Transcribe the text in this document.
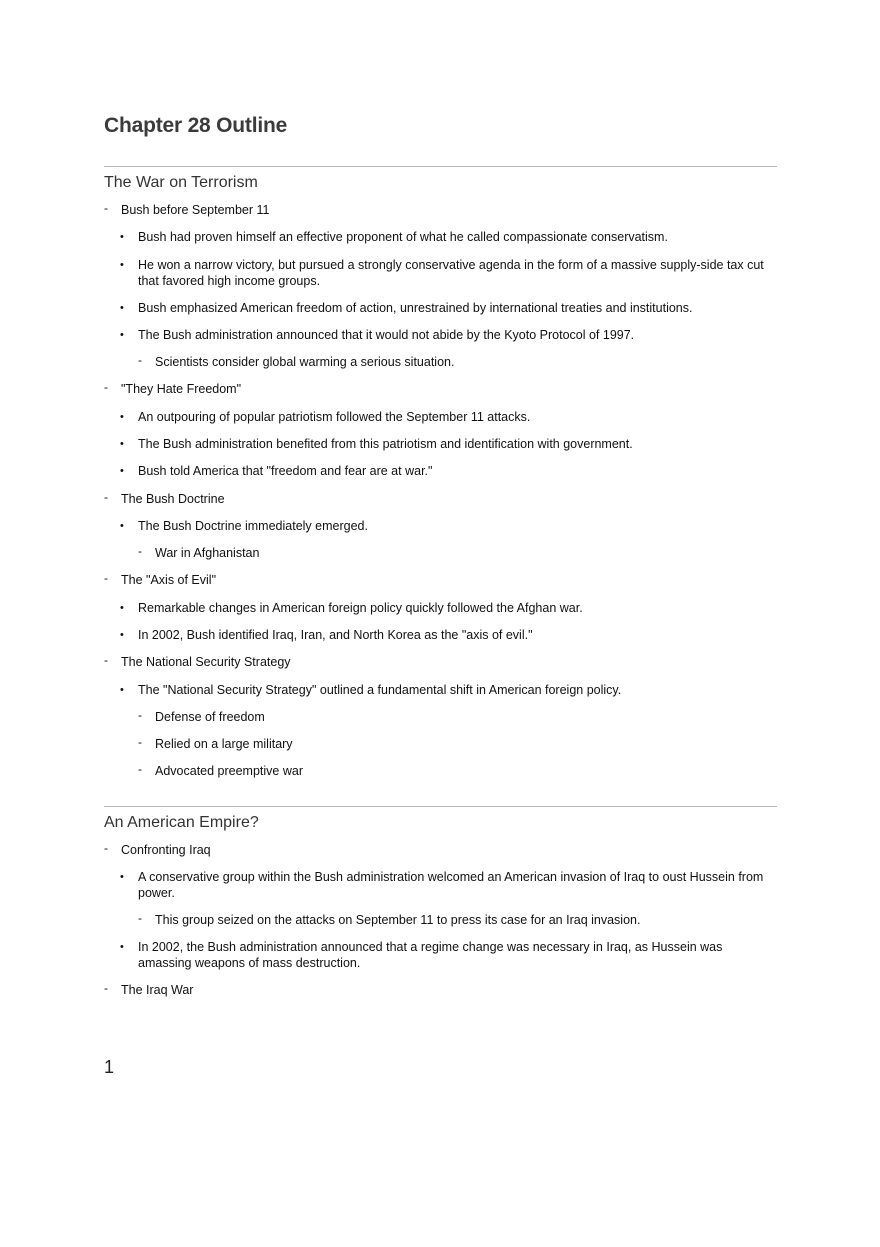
Chapter 28 Outline
The War on Terrorism
- Bush before September 11
• Bush had proven himself an effective proponent of what he called compassionate conservatism.
• He won a narrow victory, but pursued a strongly conservative agenda in the form of a massive supply-side tax cut that favored high income groups.
• Bush emphasized American freedom of action, unrestrained by international treaties and institutions.
• The Bush administration announced that it would not abide by the Kyoto Protocol of 1997.
- Scientists consider global warming a serious situation.
- "They Hate Freedom"
• An outpouring of popular patriotism followed the September 11 attacks.
• The Bush administration benefited from this patriotism and identification with government.
• Bush told America that "freedom and fear are at war."
- The Bush Doctrine
• The Bush Doctrine immediately emerged.
- War in Afghanistan
- The "Axis of Evil"
• Remarkable changes in American foreign policy quickly followed the Afghan war.
• In 2002, Bush identified Iraq, Iran, and North Korea as the "axis of evil."
- The National Security Strategy
• The "National Security Strategy" outlined a fundamental shift in American foreign policy.
- Defense of freedom
- Relied on a large military
- Advocated preemptive war
An American Empire?
- Confronting Iraq
• A conservative group within the Bush administration welcomed an American invasion of Iraq to oust Hussein from power.
- This group seized on the attacks on September 11 to press its case for an Iraq invasion.
• In 2002, the Bush administration announced that a regime change was necessary in Iraq, as Hussein was amassing weapons of mass destruction.
- The Iraq War
1
